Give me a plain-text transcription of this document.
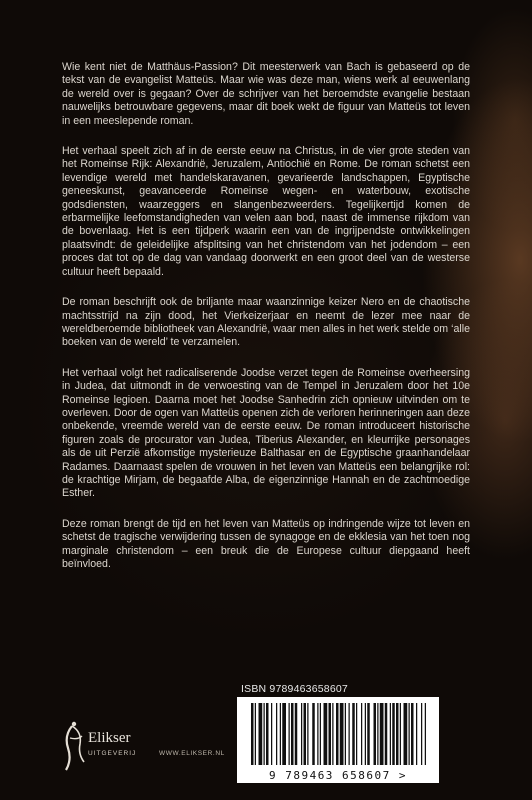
Wie kent niet de Matthäus-Passion? Dit meesterwerk van Bach is gebaseerd op de tekst van de evangelist Matteüs. Maar wie was deze man, wiens werk al eeuwenlang de wereld over is gegaan? Over de schrijver van het beroemdste evangelie bestaan nauwelijks betrouwbare gegevens, maar dit boek wekt de figuur van Matteüs tot leven in een meeslepende roman.

Het verhaal speelt zich af in de eerste eeuw na Christus, in de vier grote steden van het Romeinse Rijk: Alexandrië, Jeruzalem, Antiochië en Rome. De roman schetst een levendige wereld met handelskaravanen, gevarieerde landschappen, Egyptische geneeskunst, geavanceerde Romeinse wegen- en waterbouw, exotische godsdiensten, waarzeggers en slangenbezweerders. Tegelijkertijd komen de erbarmelijke leefomstandigheden van velen aan bod, naast de immense rijkdom van de bovenlaag. Het is een tijdperk waarin een van de ingrijpendste ontwikkelingen plaatsvindt: de geleidelijke afsplitsing van het christendom van het jodendom – een proces dat tot op de dag van vandaag doorwerkt en een groot deel van de westerse cultuur heeft bepaald.

De roman beschrijft ook de briljante maar waanzinnige keizer Nero en de chaotische machtsstrijd na zijn dood, het Vierkeizerjaar en neemt de lezer mee naar de wereldberoemde bibliotheek van Alexandrië, waar men alles in het werk stelde om ‘alle boeken van de wereld’ te verzamelen.

Het verhaal volgt het radicaliserende Joodse verzet tegen de Romeinse overheersing in Judea, dat uitmondt in de verwoesting van de Tempel in Jeruzalem door het 10e Romeinse legioen. Daarna moet het Joodse Sanhedrin zich opnieuw uitvinden om te overleven. Door de ogen van Matteüs openen zich de verloren herinneringen aan deze onbekende, vreemde wereld van de eerste eeuw. De roman introduceert historische figuren zoals de procurator van Judea, Tiberius Alexander, en kleurrijke personages als de uit Perzië afkomstige mysterieuze Balthasar en de Egyptische graanhandelaar Radames. Daarnaast spelen de vrouwen in het leven van Matteüs een belangrijke rol: de krachtige Mirjam, de begaafde Alba, de eigenzinnige Hannah en de zachtmoedige Esther.

Deze roman brengt de tijd en het leven van Matteüs op indringende wijze tot leven en schetst de tragische verwijdering tussen de synagoge en de ekklesia van het toen nog marginale christendom – een breuk die de Europese cultuur diepgaand heeft beïnvloed.

ISBN 9789463658607
9 789463 658607 >
Elikser
UITGEVERIJ	WWW.ELIKSER.NL
